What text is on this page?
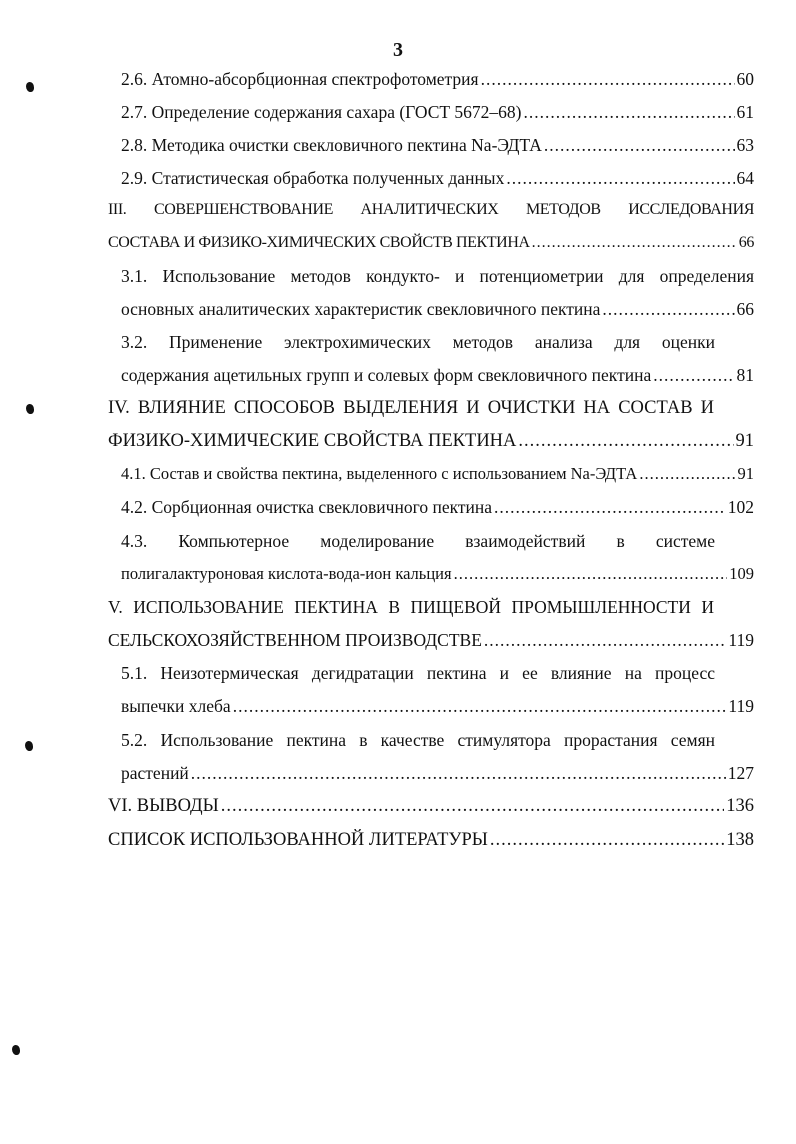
3
2.6. Атомно-абсорбционная спектрофотометрия .....	60
2.7. Определение содержания сахара (ГОСТ 5672–68) .....	61
2.8. Методика очистки свекловичного пектина Na-ЭДТА .....	63
2.9. Статистическая обработка полученных данных .....	64
III. СОВЕРШЕНСТВОВАНИЕ АНАЛИТИЧЕСКИХ МЕТОДОВ ИССЛЕДОВАНИЯ
СОСТАВА И ФИЗИКО-ХИМИЧЕСКИХ СВОЙСТВ ПЕКТИНА .....	66
3.1. Использование методов кондукто- и потенциометрии для определения
основных аналитических характеристик свекловичного пектина .....	66
3.2. Применение электрохимических методов анализа для оценки
содержания ацетильных групп и солевых форм свекловичного пектина .....	81
IV. ВЛИЯНИЕ СПОСОБОВ ВЫДЕЛЕНИЯ И ОЧИСТКИ НА СОСТАВ И
ФИЗИКО-ХИМИЧЕСКИЕ СВОЙСТВА ПЕКТИНА .....	91
4.1. Состав и свойства пектина, выделенного с использованием Na-ЭДТА .....	91
4.2. Сорбционная очистка свекловичного пектина .....	102
4.3. Компьютерное моделирование взаимодействий в системе
полигалактуроновая кислота-вода-ион кальция .....	109
V. ИСПОЛЬЗОВАНИЕ ПЕКТИНА В ПИЩЕВОЙ ПРОМЫШЛЕННОСТИ И
СЕЛЬСКОХОЗЯЙСТВЕННОМ ПРОИЗВОДСТВЕ .....	119
5.1. Неизотермическая дегидратации пектина и ее влияние на процесс
выпечки хлеба .....	119
5.2. Использование пектина в качестве стимулятора прорастания семян
растений .....	127
VI. ВЫВОДЫ .....	136
СПИСОК ИСПОЛЬЗОВАННОЙ ЛИТЕРАТУРЫ .....	138
